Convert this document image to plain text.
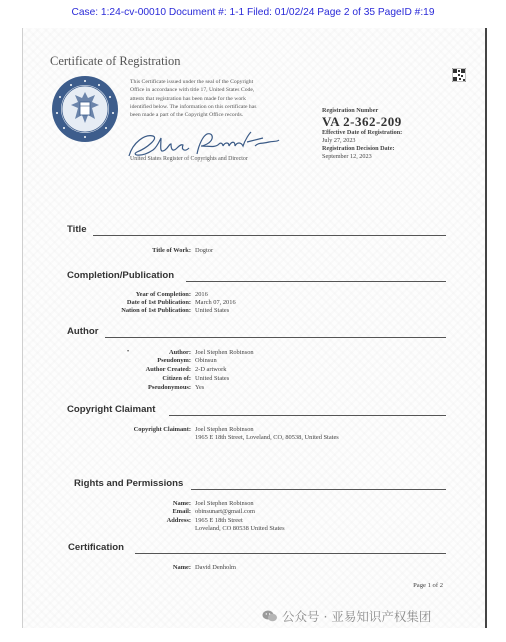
Case: 1:24-cv-00010 Document #: 1-1 Filed: 01/02/24 Page 2 of 35 PageID #:19
Certificate of Registration
This Certificate issued under the seal of the Copyright
Office in accordance with title 17, United States Code,
attests that registration has been made for the work
identified below. The information on this certificate has
been made a part of the Copyright Office records.
United States Register of Copyrights and Director
Registration Number
VA 2-362-209
Effective Date of Registration:
July 27, 2023
Registration Decision Date:
September 12, 2023
Title
Title of Work: Dogtor
Completion/Publication
Year of Completion: 2016
Date of 1st Publication: March 07, 2016
Nation of 1st Publication: United States
Author
•	Author: Joel Stephen Robinson
Pseudonym: Obinsun
Author Created: 2-D artwork
Citizen of: United States
Pseudonymous: Yes
Copyright Claimant
Copyright Claimant: Joel Stephen Robinson
1965 E 18th Street, Loveland, CO, 80538, United States
Rights and Permissions
Name: Joel Stephen Robinson
Email: obinsunart@gmail.com
Address: 1965 E 18th Street
Loveland, CO 80538 United States
Certification
Name: David Denholm
Page 1 of 2
公众号 · 亚易知识产权集团
